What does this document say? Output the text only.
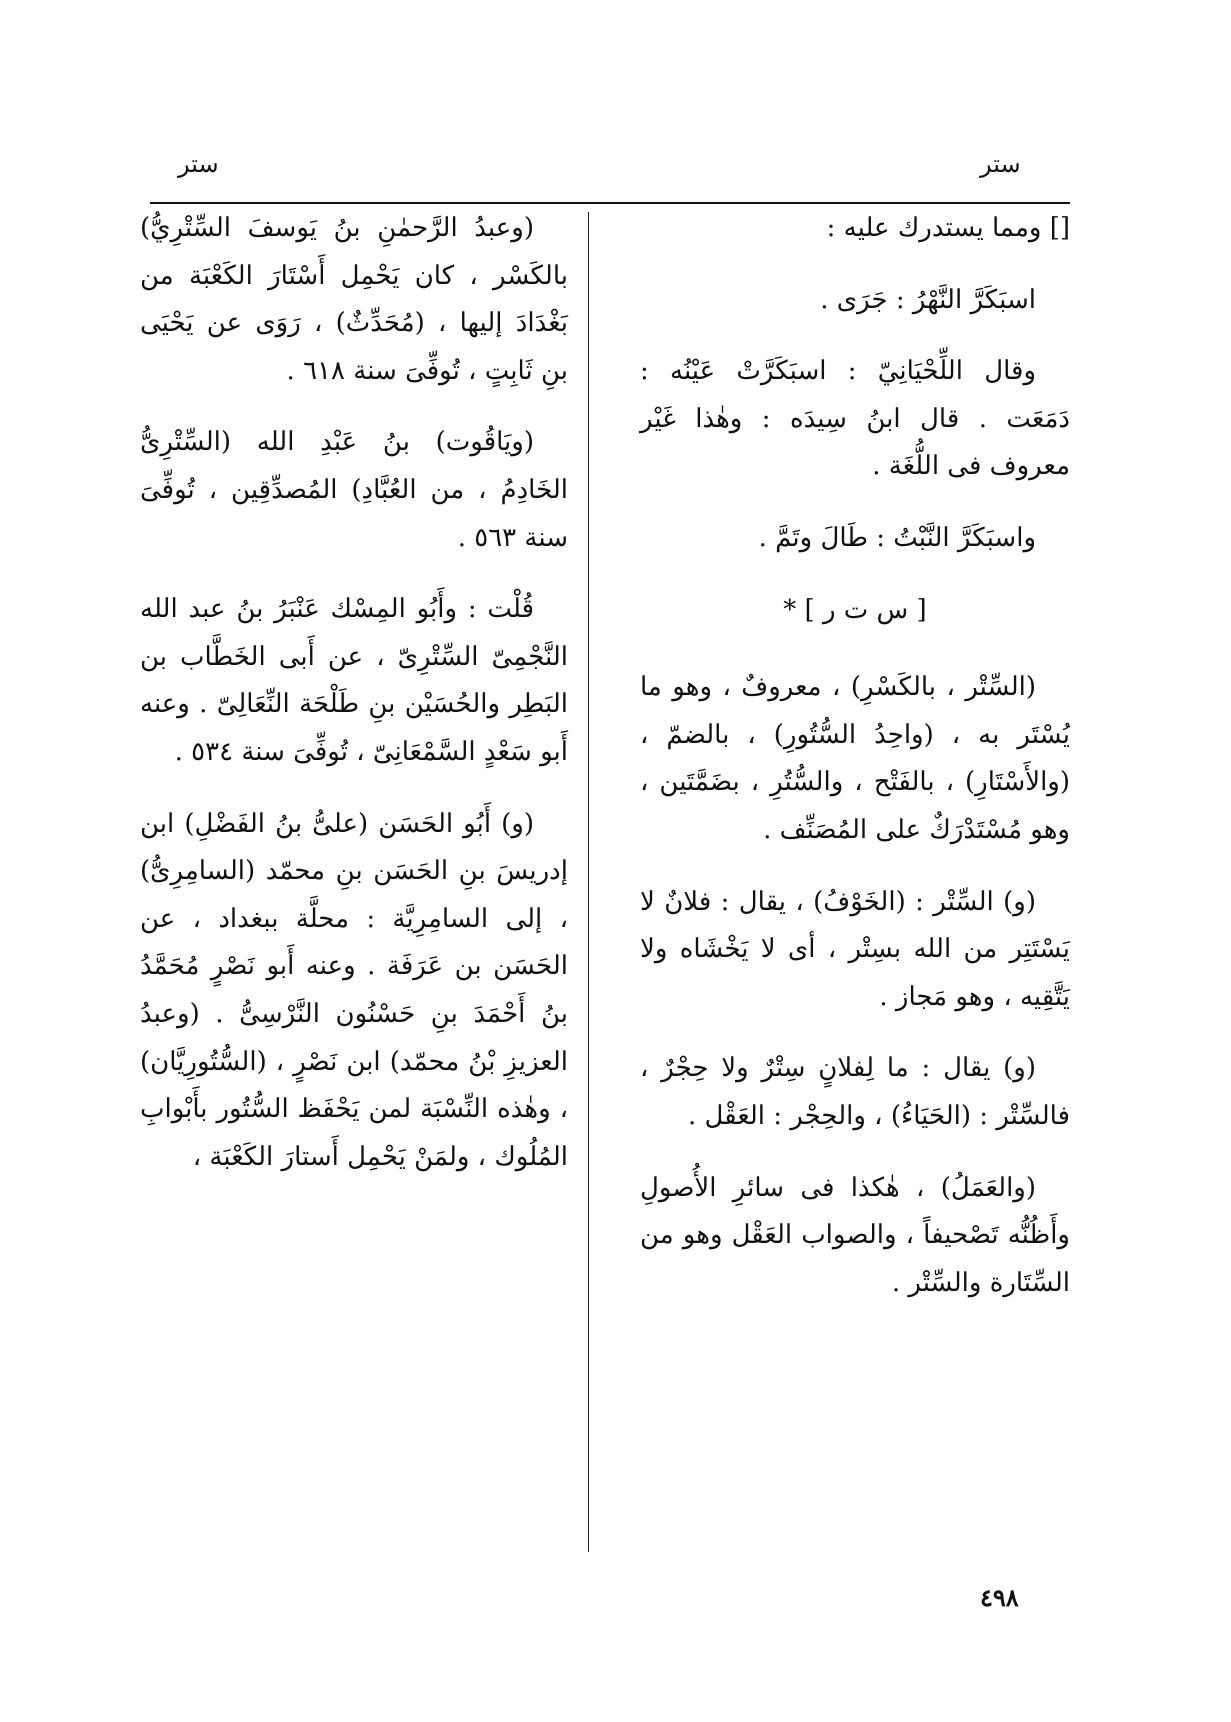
ستر
ستر

[] ومما يستدرك عليه :

اسبَكَرَّ النَّهْرُ : جَرَى .

وقال اللِّحْيَانِيّ : اسبَكَرَّتْ عَيْنُه : دَمَعَت . قال ابنُ سِيدَه : وهٰذا غَيْر معروف فى اللُّغَة .

واسبَكَرَّ النَّبْتُ : طَالَ وتَمَّ .

[ س ت ر ] *

(السِّتْر ، بالكَسْرِ) ، معروفٌ ، وهو ما يُسْتَر به ، (واحِدُ السُّتُورِ) ، بالضمّ ، (والأَسْتَارِ) ، بالفَتْح ، والسُّتُرِ ، بضَمَّتَين ، وهو مُسْتَدْرَكٌ على المُصَنِّف .

(و) السِّتْر : (الخَوْفُ) ، يقال : فلانٌ لا يَسْتَتِر من الله بسِتْر ، أى لا يَخْشَاه ولا يَتَّقِيه ، وهو مَجاز .

(و) يقال : ما لِفلانٍ سِتْرٌ ولا حِجْرٌ ، فالسِّتْر : (الحَيَاءُ) ، والحِجْر : العَقْل .

(والعَمَلُ) ، هٰكذا فى سائرِ الأُصولِ وأَظُنُّه تَصْحيفاً ، والصواب العَقْل وهو من السِّتَارة والسِّتْر .

(وعبدُ الرَّحمٰنِ بنُ يَوسفَ السِّتْرِيُّ) بالكَسْر ، كان يَحْمِل أَسْتَارَ الكَعْبَة من بَغْدَادَ إليها ، (مُحَدِّثٌ) ، رَوَى عن يَحْيَى بنِ ثَابِتٍ ، تُوفِّىَ سنة ٦١٨ .

(ويَاقُوت) بنُ عَبْدِ الله (السِّتْرِىُّ الخَادِمُ ، من العُبَّادِ) المُصدِّقِين ، تُوفِّىَ سنة ٥٦٣ .

قُلْت : وأَبُو المِسْك عَنْبَرُ بنُ عبد الله النَّجْمِىّ السِّتْرِىّ ، عن أَبى الخَطَّاب بن البَطِر والحُسَيْن بنِ طَلْحَة النِّعَالِىّ . وعنه أَبو سَعْدٍ السَّمْعَانِىّ ، تُوفِّىَ سنة ٥٣٤ .

(و) أَبُو الحَسَن (علىُّ بنُ الفَضْلِ) ابن إدريسَ بنِ الحَسَن بنِ محمّد (السامِرِىُّ) ، إلى السامِرِيَّة : محلَّة ببغداد ، عن الحَسَن بن عَرَفَة . وعنه أَبو نَصْرٍ مُحَمَّدُ بنُ أَحْمَدَ بنِ حَسْنُون النَّرْسِىُّ . (وعبدُ العزيزِ بْنُ محمّد) ابن نَصْرٍ ، (السُّتُورِيَّان) ، وهٰذه النِّسْبَة لمن يَحْفَظ السُّتُور بأَبْوابِ المُلُوك ، ولمَنْ يَحْمِل أَستارَ الكَعْبَة ،

٤٩٨
